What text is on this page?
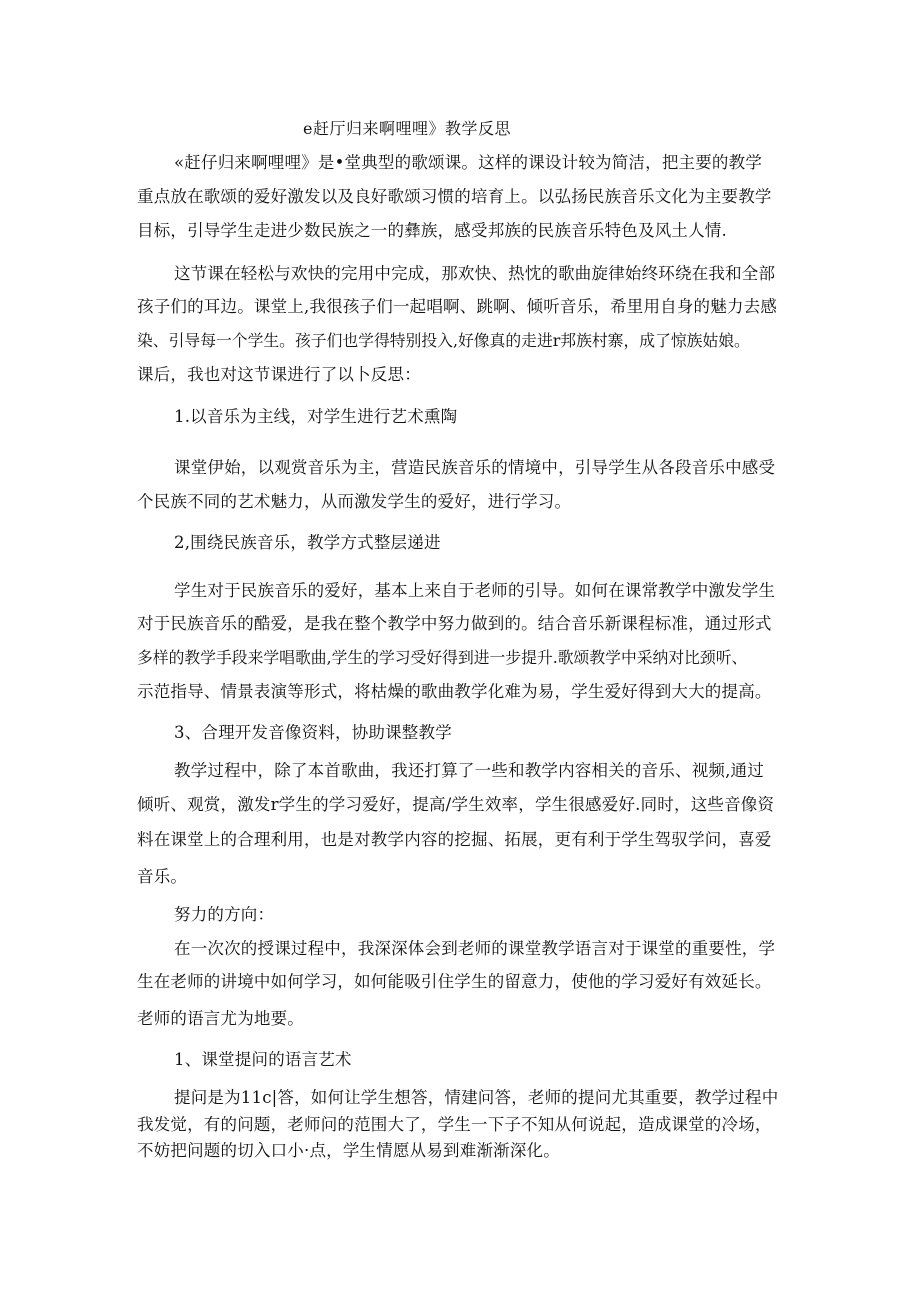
e赶厅归来啊哩哩》教学反思
«赶仔归来啊哩哩》是•堂典型的歌颂课。这样的课设计较为简洁，把主要的教学
重点放在歌颂的爱好激发以及良好歌颂习惯的培育上。以弘扬民族音乐文化为主要教学
目标，引导学生走进少数民族之一的彝族，感受邦族的民族音乐特色及风土人情.
这节课在轻松与欢快的完用中完成，那欢快、热忱的歌曲旋律始终环绕在我和全部
孩子们的耳边。课堂上,我很孩子们一起唱啊、跳啊、倾听音乐，希里用自身的魅力去感
染、引导每一个学生。孩子们也学得特别投入,好像真的走进r邦族村寨，成了惊族姑娘。
课后，我也对这节课进行了以卜反思：
1.以音乐为主线，对学生进行艺术熏陶
课堂伊始，以观赏音乐为主，营造民族音乐的情境中，引导学生从各段音乐中感受
个民族不同的艺术魅力，从而激发学生的爱好，进行学习。
2,围绕民族音乐，教学方式整层递进
学生对于民族音乐的爱好，基本上来自于老师的引导。如何在课常教学中激发学生
对于民族音乐的酷爱，是我在整个教学中努力做到的。结合音乐新课程标准，通过形式
多样的教学手段来学唱歌曲,学生的学习受好得到进一步提升.歌颂教学中采纳对比颈听、
示范指导、情景表演等形式，将枯燥的歌曲教学化难为易，学生爱好得到大大的提高。
3、合理开发音像资料，协助课整教学
教学过程中，除了本首歌曲，我还打算了一些和教学内容相关的音乐、视频,通过
倾听、观赏，激发r学生的学习爱好，提高/学生效率，学生很感爱好.同时，这些音像资
料在课堂上的合理利用，也是对教学内容的挖掘、拓展，更有利于学生驾驭学问，喜爱
音乐。
努力的方向：
在一次次的授课过程中，我深深体会到老师的课堂教学语言对于课堂的重要性，学
生在老师的讲境中如何学习，如何能吸引住学生的留意力，使他的学习爱好有效延长。
老师的语言尤为地要。
1、课堂提问的语言艺术
提问是为11c|答，如何让学生想答，情建问答，老师的提问尤其重要，教学过程中
我发觉，有的问题，老师问的范围大了，学生一下子不知从何说起，造成课堂的冷场，
不妨把问题的切入口小·点，学生情愿从易到难渐渐深化。
